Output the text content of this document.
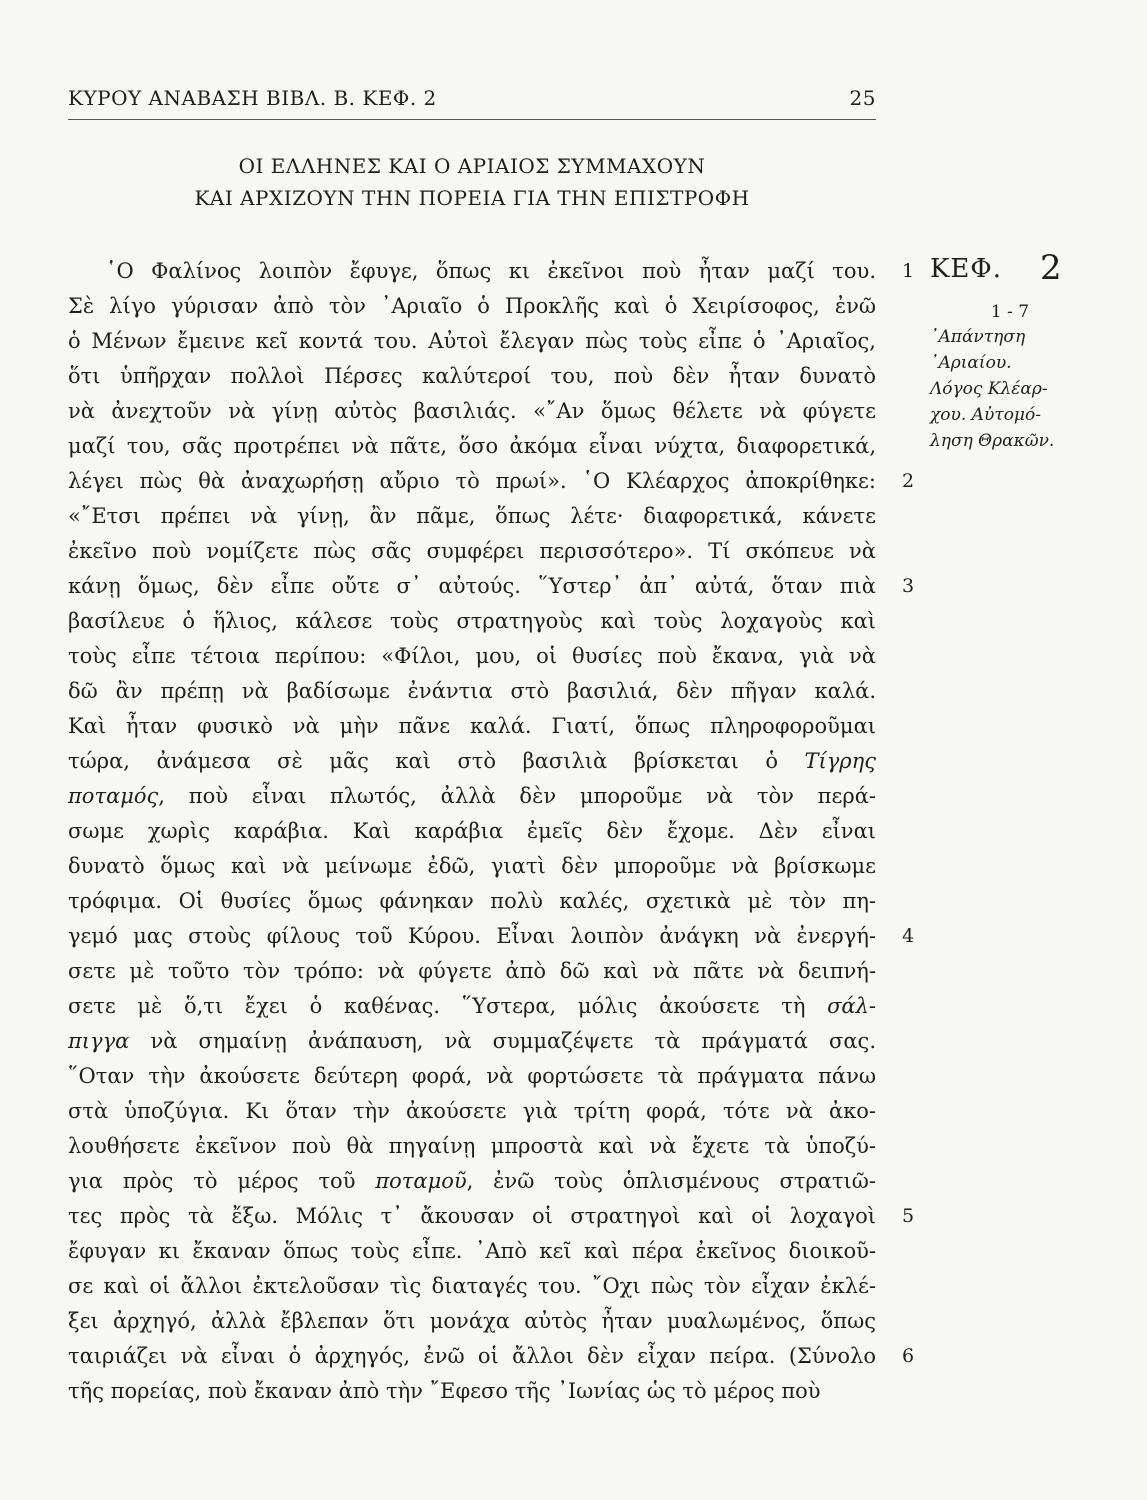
ΚΥΡΟΥ ΑΝΑΒΑΣΗ ΒΙΒΛ. Β. ΚΕΦ. 2	25
ΟΙ ΕΛΛΗΝΕΣ ΚΑΙ Ο ΑΡΙΑΙΟΣ ΣΥΜΜΑΧΟΥΝ
ΚΑΙ ΑΡΧΙΖΟΥΝ ΤΗΝ ΠΟΡΕΙΑ ΓΙΑ ΤΗΝ ΕΠΙΣΤΡΟΦΗ
῾Ο Φαλίνος λοιπὸν ἔφυγε, ὅπως κι ἐκεῖνοι ποὺ ἦταν μαζί του. 1
Σὲ λίγο γύρισαν ἀπὸ τὸν ᾿Αριαῖο ὁ Προκλῆς καὶ ὁ Χειρίσοφος, ἐνῶ
ὁ Μένων ἔμεινε κεῖ κοντά του. Αὐτοὶ ἔλεγαν πὼς τοὺς εἶπε ὁ ᾿Αριαῖος,
ὅτι ὑπῆρχαν πολλοὶ Πέρσες καλύτεροί του, ποὺ δὲν ἦταν δυνατὸ
νὰ ἀνεχτοῦν νὰ γίνῃ αὐτὸς βασιλιάς. «῎Αν ὅμως θέλετε νὰ φύγετε
μαζί του, σᾶς προτρέπει νὰ πᾶτε, ὅσο ἀκόμα εἶναι νύχτα, διαφορετικά,
λέγει πὼς θὰ ἀναχωρήσῃ αὔριο τὸ πρωί». ῾Ο Κλέαρχος ἀποκρίθηκε: 2
«῎Ετσι πρέπει νὰ γίνῃ, ἂν πᾶμε, ὅπως λέτε· διαφορετικά, κάνετε
ἐκεῖνο ποὺ νομίζετε πὼς σᾶς συμφέρει περισσότερο». Τί σκόπευε νὰ
κάνῃ ὅμως, δὲν εἶπε οὔτε σ᾿ αὐτούς. ῞Υστερ᾿ ἀπ᾿ αὐτά, ὅταν πιὰ 3
βασίλευε ὁ ἥλιος, κάλεσε τοὺς στρατηγοὺς καὶ τοὺς λοχαγοὺς καὶ
τοὺς εἶπε τέτοια περίπου: «Φίλοι, μου, οἱ θυσίες ποὺ ἔκανα, γιὰ νὰ
δῶ ἂν πρέπῃ νὰ βαδίσωμε ἐνάντια στὸ βασιλιά, δὲν πῆγαν καλά.
Καὶ ἦταν φυσικὸ νὰ μὴν πᾶνε καλά. Γιατί, ὅπως πληροφοροῦμαι
τώρα, ἀνάμεσα σὲ μᾶς καὶ στὸ βασιλιὰ βρίσκεται ὁ Τίγρης
ποταμός, ποὺ εἶναι πλωτός, ἀλλὰ δὲν μποροῦμε νὰ τὸν περά-
σωμε χωρὶς καράβια. Καὶ καράβια ἐμεῖς δὲν ἔχομε. Δὲν εἶναι
δυνατὸ ὅμως καὶ νὰ μείνωμε ἐδῶ, γιατὶ δὲν μποροῦμε νὰ βρίσκωμε
τρόφιμα. Οἱ θυσίες ὅμως φάνηκαν πολὺ καλές, σχετικὰ μὲ τὸν πη-
γεμό μας στοὺς φίλους τοῦ Κύρου. Εἶναι λοιπὸν ἀνάγκη νὰ ἐνεργή- 4
σετε μὲ τοῦτο τὸν τρόπο: νὰ φύγετε ἀπὸ δῶ καὶ νὰ πᾶτε νὰ δειπνή-
σετε μὲ ὅ,τι ἔχει ὁ καθένας. ῞Υστερα, μόλις ἀκούσετε τὴ σάλ-
πιγγα νὰ σημαίνῃ ἀνάπαυση, νὰ συμμαζέψετε τὰ πράγματά σας.
῞Οταν τὴν ἀκούσετε δεύτερη φορά, νὰ φορτώσετε τὰ πράγματα πάνω
στὰ ὑποζύγια. Κι ὅταν τὴν ἀκούσετε γιὰ τρίτη φορά, τότε νὰ ἀκο-
λουθήσετε ἐκεῖνον ποὺ θὰ πηγαίνῃ μπροστὰ καὶ νὰ ἔχετε τὰ ὑποζύ-
για πρὸς τὸ μέρος τοῦ ποταμοῦ, ἐνῶ τοὺς ὁπλισμένους στρατιῶ-
τες πρὸς τὰ ἔξω. Μόλις τ᾿ ἄκουσαν οἱ στρατηγοὶ καὶ οἱ λοχαγοὶ 5
ἔφυγαν κι ἔκαναν ὅπως τοὺς εἶπε. ᾿Απὸ κεῖ καὶ πέρα ἐκεῖνος διοικοῦ-
σε καὶ οἱ ἄλλοι ἐκτελοῦσαν τὶς διαταγές του. ῎Οχι πὼς τὸν εἶχαν ἐκλέ-
ξει ἀρχηγό, ἀλλὰ ἔβλεπαν ὅτι μονάχα αὐτὸς ἦταν μυαλωμένος, ὅπως
ταιριάζει νὰ εἶναι ὁ ἀρχηγός, ἐνῶ οἱ ἄλλοι δὲν εἶχαν πείρα. (Σύνολο 6
τῆς πορείας, ποὺ ἔκαναν ἀπὸ τὴν ῎Εφεσο τῆς ᾿Ιωνίας ὡς τὸ μέρος ποὺ
ΚΕΦ. 2
1 - 7
᾿Απάντηση
᾿Αριαίου.
Λόγος Κλέαρ-
χου. Αὐτομό-
ληση Θρακῶν.
